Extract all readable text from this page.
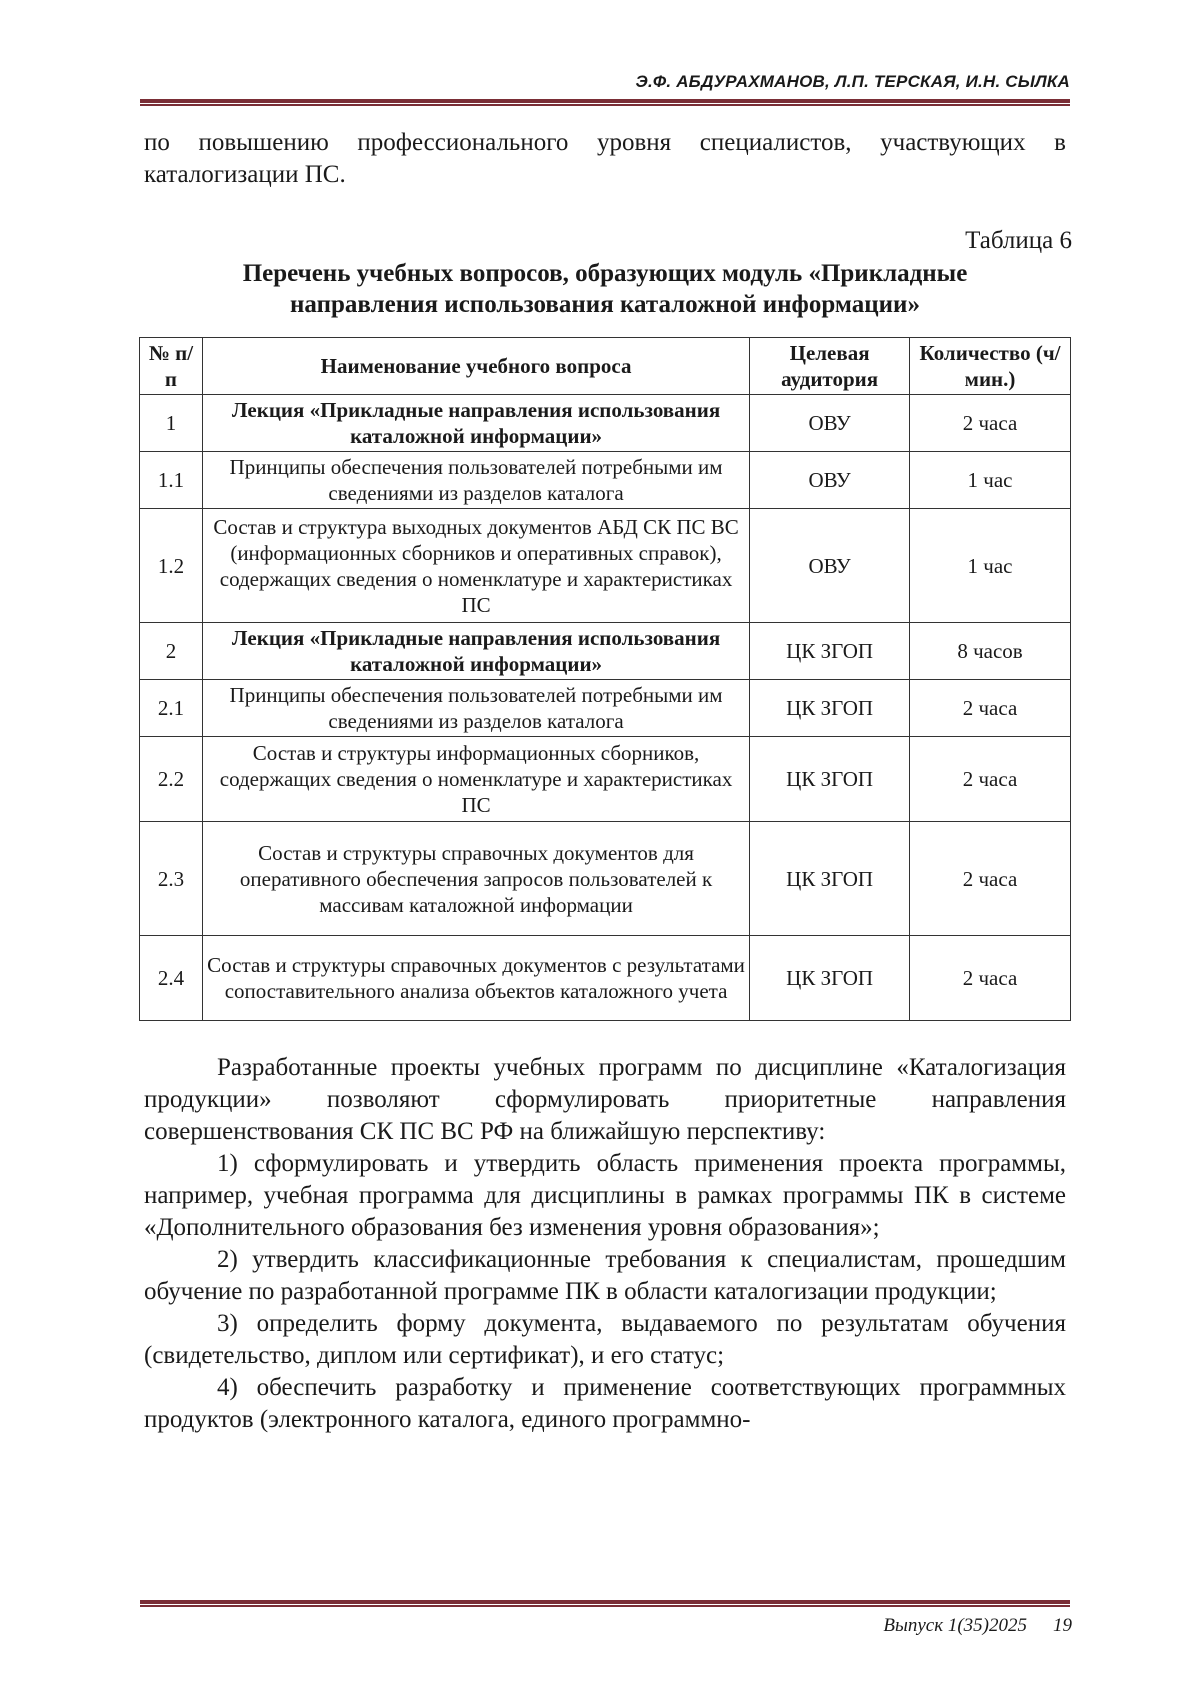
Э.Ф. АБДУРАХМАНОВ, Л.П. ТЕРСКАЯ, И.Н. СЫЛКА

по повышению профессионального уровня специалистов, участвующих в каталогизации ПС.

Таблица 6
Перечень учебных вопросов, образующих модуль «Прикладные
направления использования каталожной информации»
№ п/п	Наименование учебного вопроса	Целевая аудитория	Количество (ч/мин.)
1	Лекция «Прикладные направления использования каталожной информации»	ОВУ	2 часа
1.1	Принципы обеспечения пользователей потребными им сведениями из разделов каталога	ОВУ	1 час
1.2	Состав и структура выходных документов АБД СК ПС ВС (информационных сборников и оперативных справок), содержащих сведения о номенклатуре и характеристиках ПС	ОВУ	1 час
2	Лекция «Прикладные направления использования каталожной информации»	ЦК ЗГОП	8 часов
2.1	Принципы обеспечения пользователей потребными им сведениями из разделов каталога	ЦК ЗГОП	2 часа
2.2	Состав и структуры информационных сборников, содержащих сведения о номенклатуре и характеристиках ПС	ЦК ЗГОП	2 часа
2.3	Состав и структуры справочных документов для оперативного обеспечения запросов пользователей к массивам каталожной информации	ЦК ЗГОП	2 часа
2.4	Состав и структуры справочных документов с результатами сопоставительного анализа объектов каталожного учета	ЦК ЗГОП	2 часа

Разработанные проекты учебных программ по дисциплине «Каталогизация продукции» позволяют сформулировать приоритетные направления совершенствования СК ПС ВС РФ на ближайшую перспективу:

1) сформулировать и утвердить область применения проекта программы, например, учебная программа для дисциплины в рамках программы ПК в системе «Дополнительного образования без изменения уровня образования»;

2) утвердить классификационные требования к специалистам, прошедшим обучение по разработанной программе ПК в области каталогизации продукции;

3) определить форму документа, выдаваемого по результатам обучения (свидетельство, диплом или сертификат), и его статус;

4) обеспечить разработку и применение соответствующих программных продуктов (электронного каталога, единого программно-

Выпуск 1(35)2025 19
